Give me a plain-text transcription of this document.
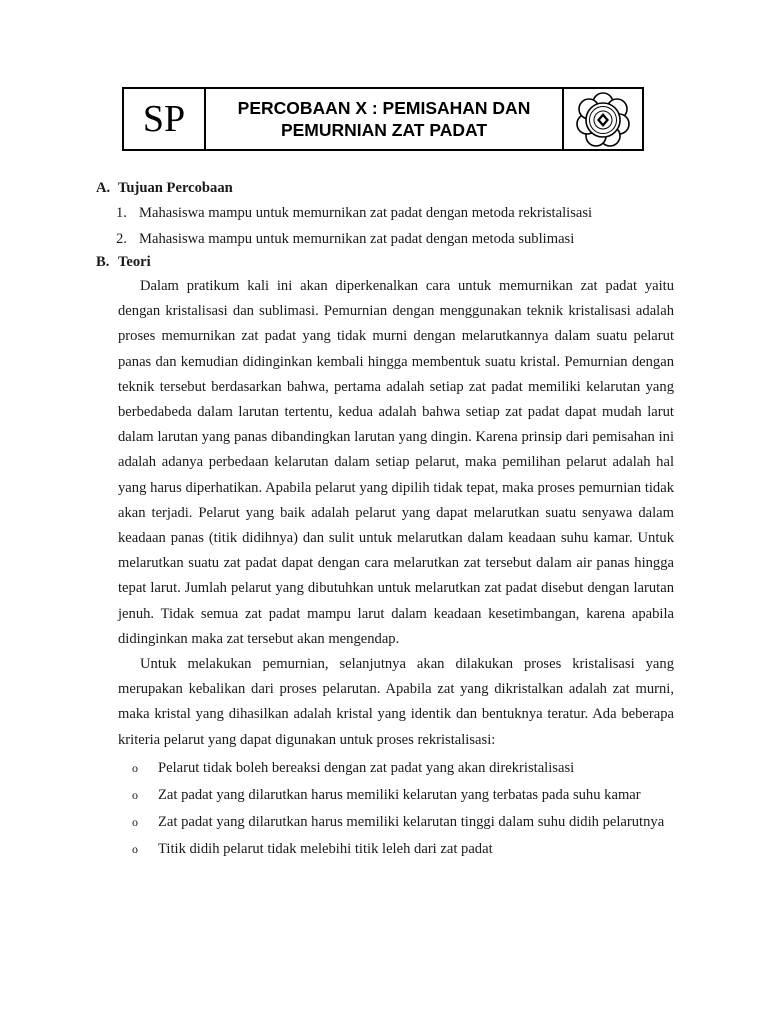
SP	PERCOBAAN X : PEMISAHAN DAN
PEMURNIAN ZAT PADAT
A. Tujuan Percobaan
1. Mahasiswa mampu untuk memurnikan zat padat dengan metoda rekristalisasi
2. Mahasiswa mampu untuk memurnikan zat padat dengan metoda sublimasi
B. Teori

Dalam pratikum kali ini akan diperkenalkan cara untuk memurnikan zat padat yaitu dengan kristalisasi dan sublimasi. Pemurnian dengan menggunakan teknik kristalisasi adalah proses memurnikan zat padat yang tidak murni dengan melarutkannya dalam suatu pelarut panas dan kemudian didinginkan kembali hingga membentuk suatu kristal. Pemurnian dengan teknik tersebut berdasarkan bahwa, pertama adalah setiap zat padat memiliki kelarutan yang berbedabeda dalam larutan tertentu, kedua adalah bahwa setiap zat padat dapat mudah larut dalam larutan yang panas dibandingkan larutan yang dingin. Karena prinsip dari pemisahan ini adalah adanya perbedaan kelarutan dalam setiap pelarut, maka pemilihan pelarut adalah hal yang harus diperhatikan. Apabila pelarut yang dipilih tidak tepat, maka proses pemurnian tidak akan terjadi. Pelarut yang baik adalah pelarut yang dapat melarutkan suatu senyawa dalam keadaan panas (titik didihnya) dan sulit untuk melarutkan dalam keadaan suhu kamar. Untuk melarutkan suatu zat padat dapat dengan cara melarutkan zat tersebut dalam air panas hingga tepat larut. Jumlah pelarut yang dibutuhkan untuk melarutkan zat padat disebut dengan larutan jenuh. Tidak semua zat padat mampu larut dalam keadaan kesetimbangan, karena apabila didinginkan maka zat tersebut akan mengendap.

Untuk melakukan pemurnian, selanjutnya akan dilakukan proses kristalisasi yang merupakan kebalikan dari proses pelarutan. Apabila zat yang dikristalkan adalah zat murni, maka kristal yang dihasilkan adalah kristal yang identik dan bentuknya teratur. Ada beberapa kriteria pelarut yang dapat digunakan untuk proses rekristalisasi:

o Pelarut tidak boleh bereaksi dengan zat padat yang akan direkristalisasi
o Zat padat yang dilarutkan harus memiliki kelarutan yang terbatas pada suhu kamar
o Zat padat yang dilarutkan harus memiliki kelarutan tinggi dalam suhu didih pelarutnya
o Titik didih pelarut tidak melebihi titik leleh dari zat padat
